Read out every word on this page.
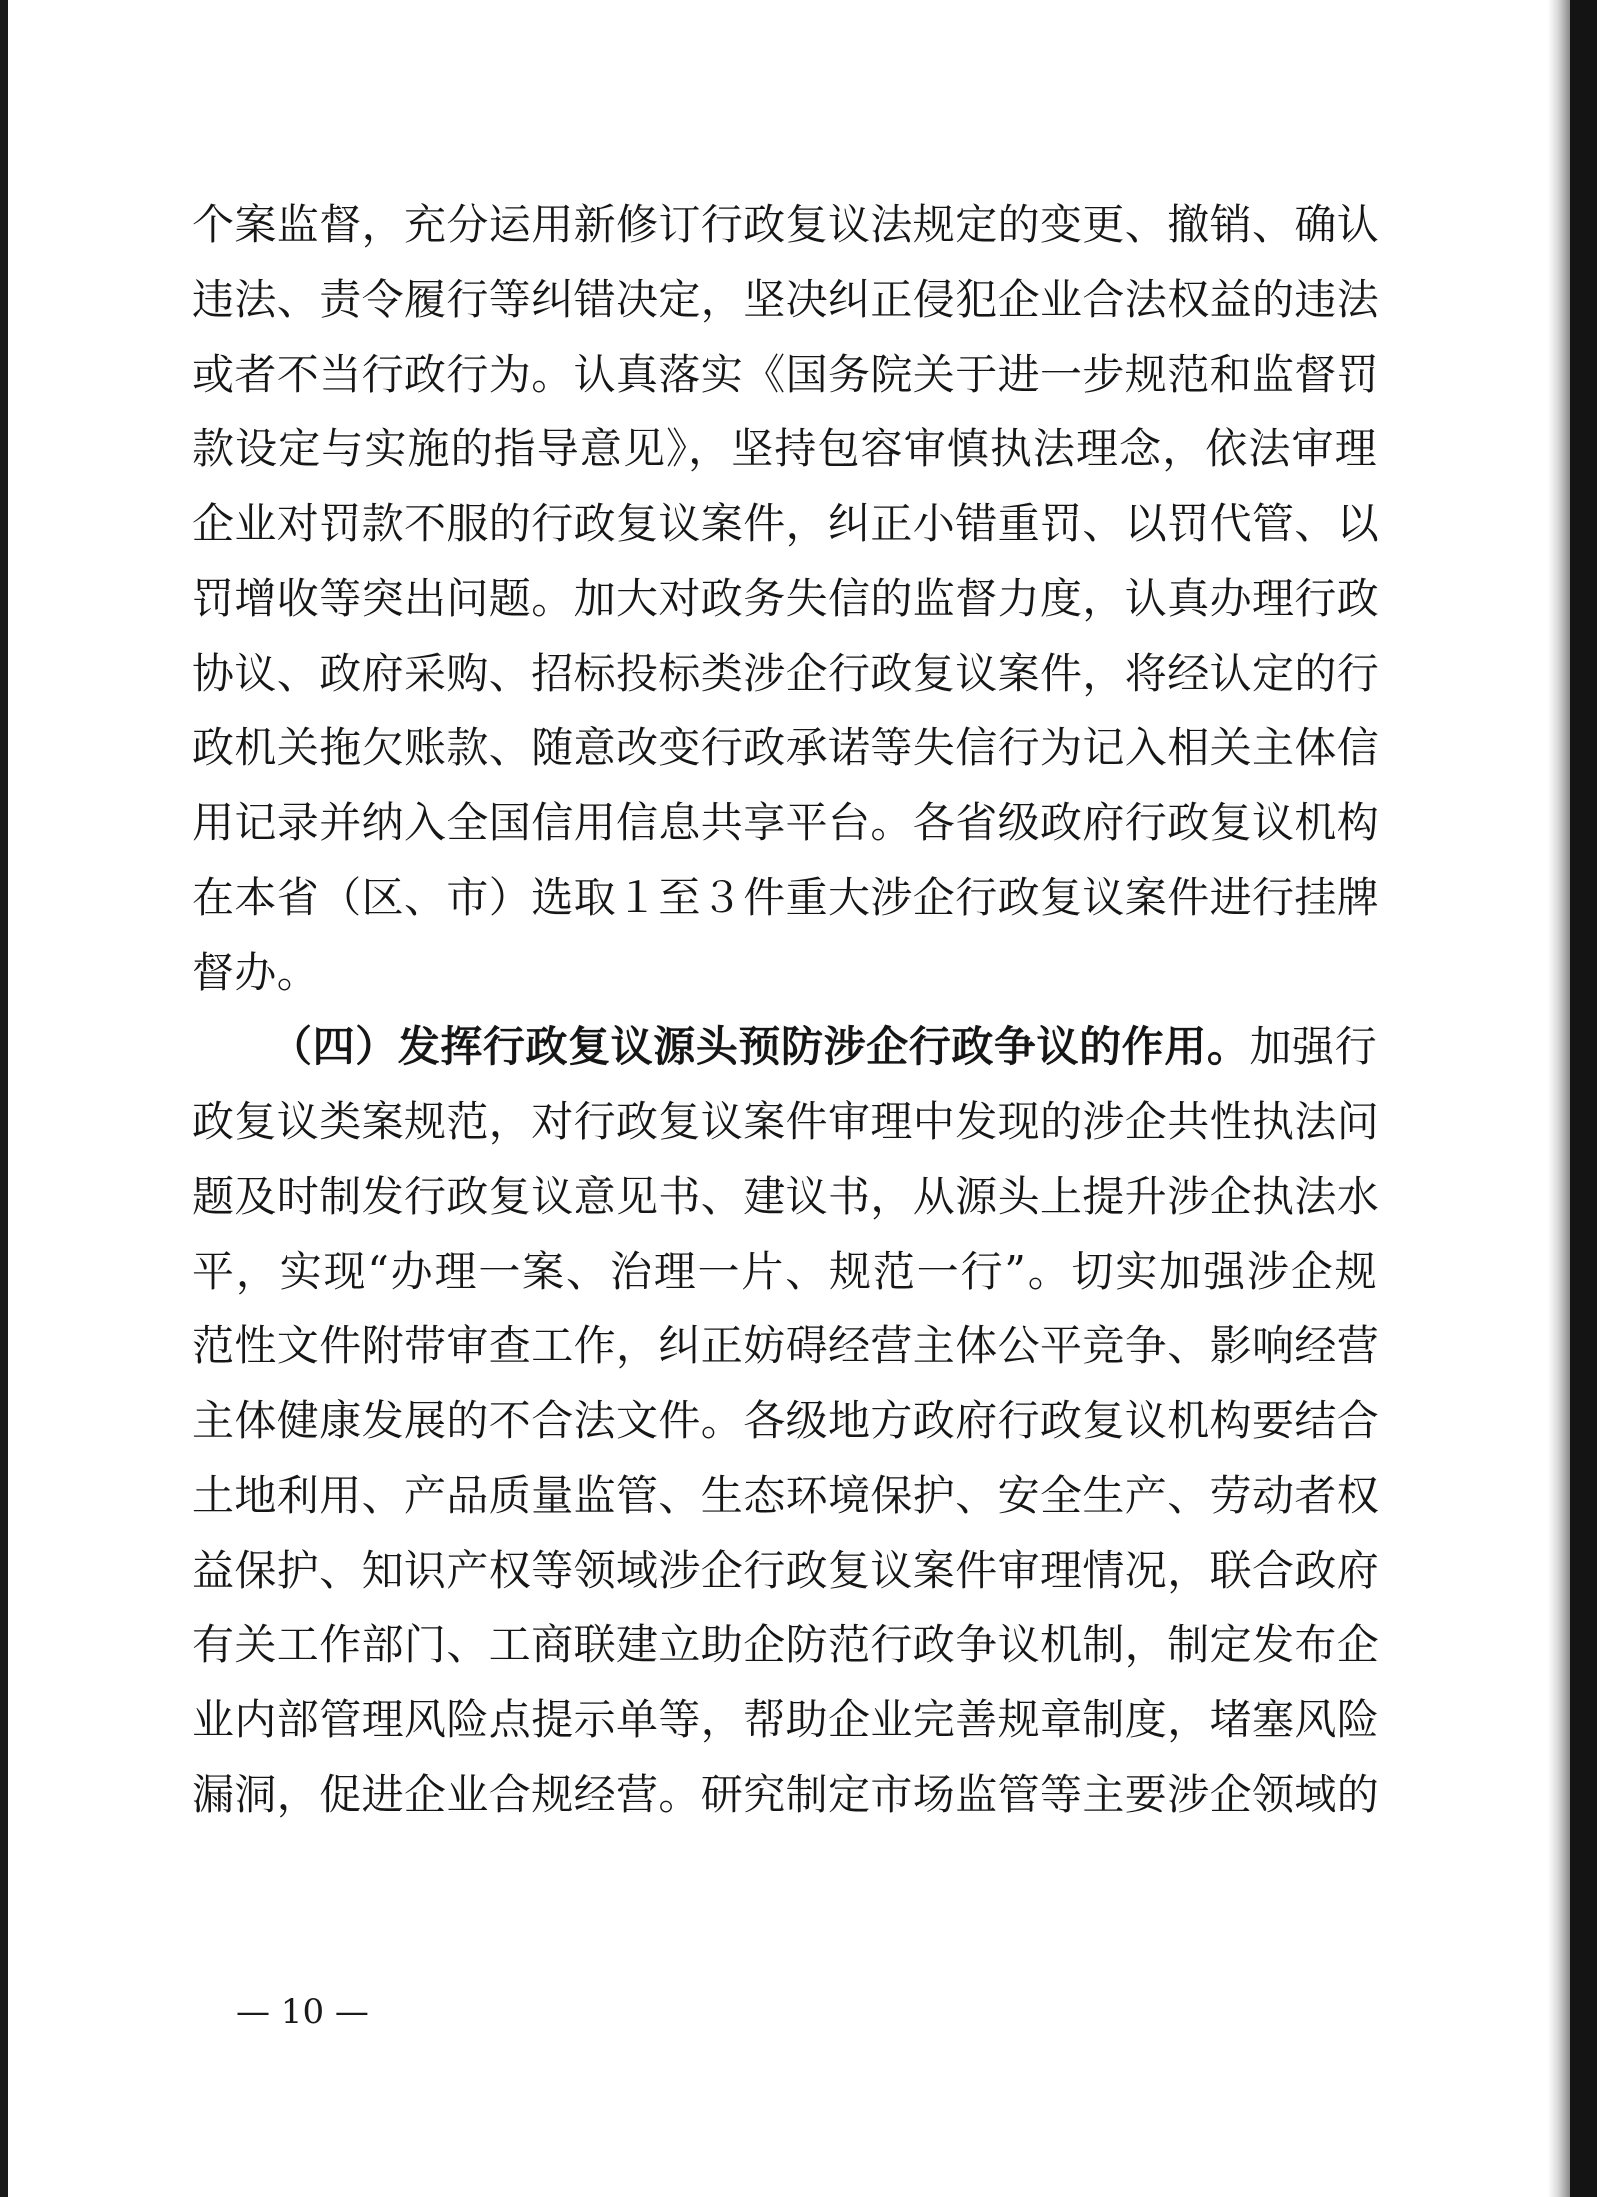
个案监督，充分运用新修订行政复议法规定的变更、撤销、确认
违法、责令履行等纠错决定，坚决纠正侵犯企业合法权益的违法
或者不当行政行为。认真落实《国务院关于进一步规范和监督罚
款设定与实施的指导意见》，坚持包容审慎执法理念，依法审理
企业对罚款不服的行政复议案件，纠正小错重罚、以罚代管、以
罚增收等突出问题。加大对政务失信的监督力度，认真办理行政
协议、政府采购、招标投标类涉企行政复议案件，将经认定的行
政机关拖欠账款、随意改变行政承诺等失信行为记入相关主体信
用记录并纳入全国信用信息共享平台。各省级政府行政复议机构
在本省（区、市）选取１至３件重大涉企行政复议案件进行挂牌
督办。
（四）发挥行政复议源头预防涉企行政争议的作用。加强行
政复议类案规范，对行政复议案件审理中发现的涉企共性执法问
题及时制发行政复议意见书、建议书，从源头上提升涉企执法水
平，实现“办理一案、治理一片、规范一行”。切实加强涉企规
范性文件附带审查工作，纠正妨碍经营主体公平竞争、影响经营
主体健康发展的不合法文件。各级地方政府行政复议机构要结合
土地利用、产品质量监管、生态环境保护、安全生产、劳动者权
益保护、知识产权等领域涉企行政复议案件审理情况，联合政府
有关工作部门、工商联建立助企防范行政争议机制，制定发布企
业内部管理风险点提示单等，帮助企业完善规章制度，堵塞风险
漏洞，促进企业合规经营。研究制定市场监管等主要涉企领域的
— 10 —
